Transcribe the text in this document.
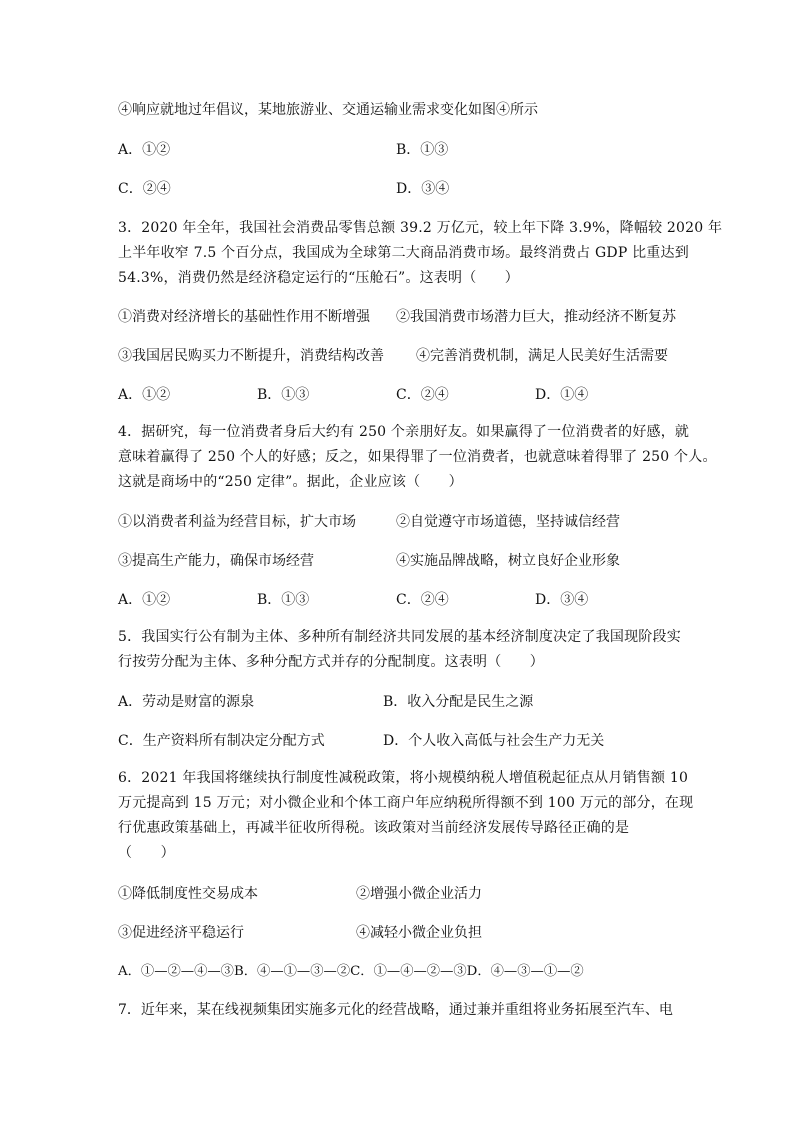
④响应就地过年倡议，某地旅游业、交通运输业需求变化如图④所示
A．①②	B．①③
C．②④	D．③④
3．2020 年全年，我国社会消费品零售总额 39.2 万亿元，较上年下降 3.9%，降幅较 2020 年
上半年收窄 7.5 个百分点，我国成为全球第二大商品消费市场。最终消费占 GDP 比重达到
54.3%，消费仍然是经济稳定运行的“压舱石”。这表明（　　）
①消费对经济增长的基础性作用不断增强 ②我国消费市场潜力巨大，推动经济不断复苏
③我国居民购买力不断提升，消费结构改善 ④完善消费机制，满足人民美好生活需要
A．①②	B．①③	C．②④	D．①④
4．据研究，每一位消费者身后大约有 250 个亲朋好友。如果赢得了一位消费者的好感，就
意味着赢得了 250 个人的好感；反之，如果得罪了一位消费者，也就意味着得罪了 250 个人。
这就是商场中的“250 定律”。据此，企业应该（　　）
①以消费者利益为经营目标，扩大市场	②自觉遵守市场道德，坚持诚信经营
③提高生产能力，确保市场经营	④实施品牌战略，树立良好企业形象
A．①②	B．①③	C．②④	D．③④
5．我国实行公有制为主体、多种所有制经济共同发展的基本经济制度决定了我国现阶段实
行按劳分配为主体、多种分配方式并存的分配制度。这表明（　　）
A．劳动是财富的源泉	B．收入分配是民生之源
C．生产资料所有制决定分配方式	D．个人收入高低与社会生产力无关
6．2021 年我国将继续执行制度性减税政策，将小规模纳税人增值税起征点从月销售额 10
万元提高到 15 万元；对小微企业和个体工商户年应纳税所得额不到 100 万元的部分，在现
行优惠政策基础上，再减半征收所得税。该政策对当前经济发展传导路径正确的是
（　　）
①降低制度性交易成本	②增强小微企业活力
③促进经济平稳运行	④减轻小微企业负担
A．①—②—④—③B．④—①—③—②C．①—④—②—③D．④—③—①—②
7．近年来，某在线视频集团实施多元化的经营战略，通过兼并重组将业务拓展至汽车、电
